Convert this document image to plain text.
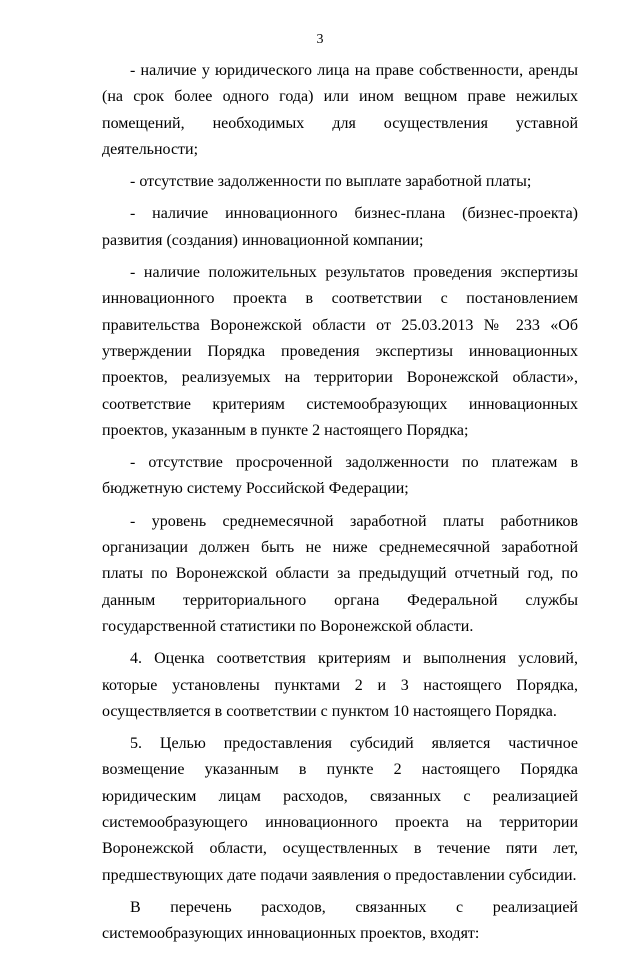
3

- наличие у юридического лица на праве собственности, аренды (на срок более одного года) или ином вещном праве нежилых помещений, необходимых для осуществления уставной деятельности;

- отсутствие задолженности по выплате заработной платы;

- наличие инновационного бизнес-плана (бизнес-проекта) развития (создания) инновационной компании;

- наличие положительных результатов проведения экспертизы инновационного проекта в соответствии с постановлением правительства Воронежской области от 25.03.2013 № 233 «Об утверждении Порядка проведения экспертизы инновационных проектов, реализуемых на территории Воронежской области», соответствие критериям системообразующих инновационных проектов, указанным в пункте 2 настоящего Порядка;

- отсутствие просроченной задолженности по платежам в бюджетную систему Российской Федерации;

- уровень среднемесячной заработной платы работников организации должен быть не ниже среднемесячной заработной платы по Воронежской области за предыдущий отчетный год, по данным территориального органа Федеральной службы государственной статистики по Воронежской области.

4. Оценка соответствия критериям и выполнения условий, которые установлены пунктами 2 и 3 настоящего Порядка, осуществляется в соответствии с пунктом 10 настоящего Порядка.

5. Целью предоставления субсидий является частичное возмещение указанным в пункте 2 настоящего Порядка юридическим лицам расходов, связанных с реализацией системообразующего инновационного проекта на территории Воронежской области, осуществленных в течение пяти лет, предшествующих дате подачи заявления о предоставлении субсидии.

В перечень расходов, связанных с реализацией системообразующих инновационных проектов, входят:
